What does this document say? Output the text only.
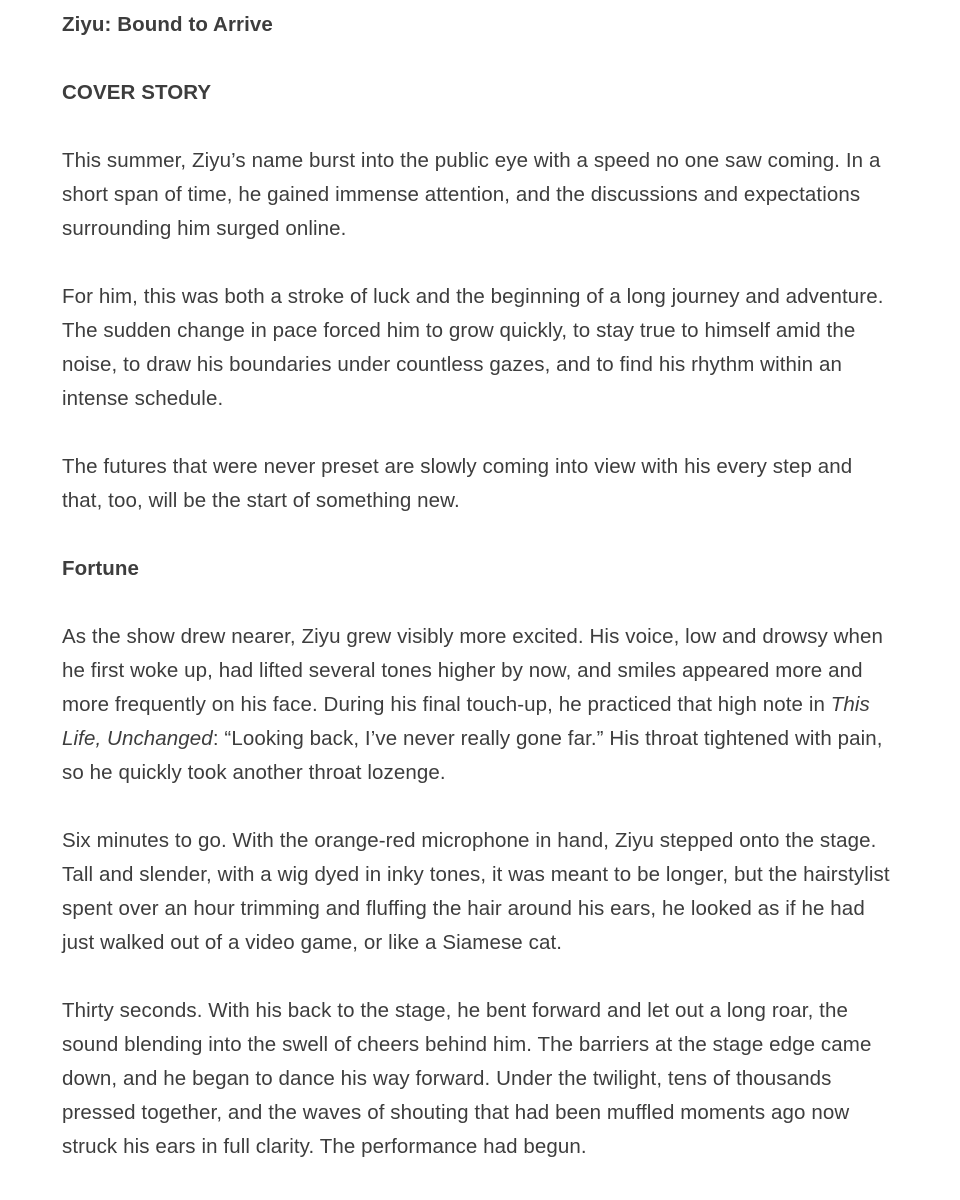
Ziyu: Bound to Arrive
COVER STORY

This summer, Ziyu’s name burst into the public eye with a speed no one saw coming. In a short span of time, he gained immense attention, and the discussions and expectations surrounding him surged online.

For him, this was both a stroke of luck and the beginning of a long journey and adventure. The sudden change in pace forced him to grow quickly, to stay true to himself amid the noise, to draw his boundaries under countless gazes, and to find his rhythm within an intense schedule.

The futures that were never preset are slowly coming into view with his every step and that, too, will be the start of something new.

Fortune

As the show drew nearer, Ziyu grew visibly more excited. His voice, low and drowsy when he first woke up, had lifted several tones higher by now, and smiles appeared more and more frequently on his face. During his final touch-up, he practiced that high note in This Life, Unchanged: “Looking back, I’ve never really gone far.” His throat tightened with pain, so he quickly took another throat lozenge.

Six minutes to go. With the orange-red microphone in hand, Ziyu stepped onto the stage. Tall and slender, with a wig dyed in inky tones, it was meant to be longer, but the hairstylist spent over an hour trimming and fluffing the hair around his ears, he looked as if he had just walked out of a video game, or like a Siamese cat.

Thirty seconds. With his back to the stage, he bent forward and let out a long roar, the sound blending into the swell of cheers behind him. The barriers at the stage edge came down, and he began to dance his way forward. Under the twilight, tens of thousands pressed together, and the waves of shouting that had been muffled moments ago now struck his ears in full clarity. The performance had begun.
